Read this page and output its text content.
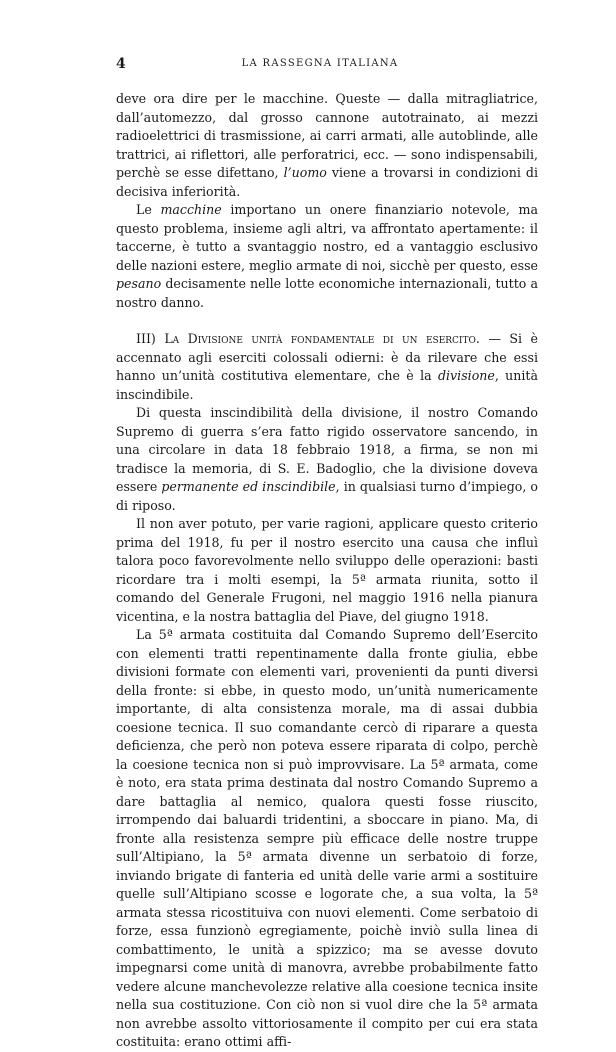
4	LA RASSEGNA ITALIANA

deve ora dire per le macchine. Queste — dalla mitragliatrice, dall’automezzo, dal grosso cannone autotrainato, ai mezzi radioelettrici di trasmissione, ai carri armati, alle autoblinde, alle trattrici, ai riflettori, alle perforatrici, ecc. — sono indispensabili, perchè se esse difettano, l’uomo viene a trovarsi in condizioni di decisiva inferiorità.

Le macchine importano un onere finanziario notevole, ma questo problema, insieme agli altri, va affrontato apertamente: il taccerne, è tutto a svantaggio nostro, ed a vantaggio esclusivo delle nazioni estere, meglio armate di noi, sicchè per questo, esse pesano decisamente nelle lotte economiche internazionali, tutto a nostro danno.

III) La Divisione unità fondamentale di un esercito. — Si è accennato agli eserciti colossali odierni: è da rilevare che essi hanno un’unità costitutiva elementare, che è la divisione, unità inscindibile.

Di questa inscindibilità della divisione, il nostro Comando Supremo di guerra s’era fatto rigido osservatore sancendo, in una circolare in data 18 febbraio 1918, a firma, se non mi tradisce la memoria, di S. E. Badoglio, che la divisione doveva essere permanente ed inscindibile, in qualsiasi turno d’impiego, o di riposo.

Il non aver potuto, per varie ragioni, applicare questo criterio prima del 1918, fu per il nostro esercito una causa che influì talora poco favorevolmente nello sviluppo delle operazioni: basti ricordare tra i molti esempi, la 5ª armata riunita, sotto il comando del Generale Frugoni, nel maggio 1916 nella pianura vicentina, e la nostra battaglia del Piave, del giugno 1918.

La 5ª armata costituita dal Comando Supremo dell’Esercito con elementi tratti repentinamente dalla fronte giulia, ebbe divisioni formate con elementi vari, provenienti da punti diversi della fronte: si ebbe, in questo modo, un’unità numericamente importante, di alta consistenza morale, ma di assai dubbia coesione tecnica. Il suo comandante cercò di riparare a questa deficienza, che però non poteva essere riparata di colpo, perchè la coesione tecnica non si può improvvisare. La 5ª armata, come è noto, era stata prima destinata dal nostro Comando Supremo a dare battaglia al nemico, qualora questi fosse riuscito, irrompendo dai baluardi tridentini, a sboccare in piano. Ma, di fronte alla resistenza sempre più efficace delle nostre truppe sull’Altipiano, la 5ª armata divenne un serbatoio di forze, inviando brigate di fanteria ed unità delle varie armi a sostituire quelle sull’Altipiano scosse e logorate che, a sua volta, la 5ª armata stessa ricostituiva con nuovi elementi. Come serbatoio di forze, essa funzionò egregiamente, poichè inviò sulla linea di combattimento, le unità a spizzico; ma se avesse dovuto impegnarsi come unità di manovra, avrebbe probabilmente fatto vedere alcune manchevolezze relative alla coesione tecnica insite nella sua costituzione. Con ciò non si vuol dire che la 5ª armata non avrebbe assolto vittoriosamente il compito per cui era stata costituita: erano ottimi affi-
